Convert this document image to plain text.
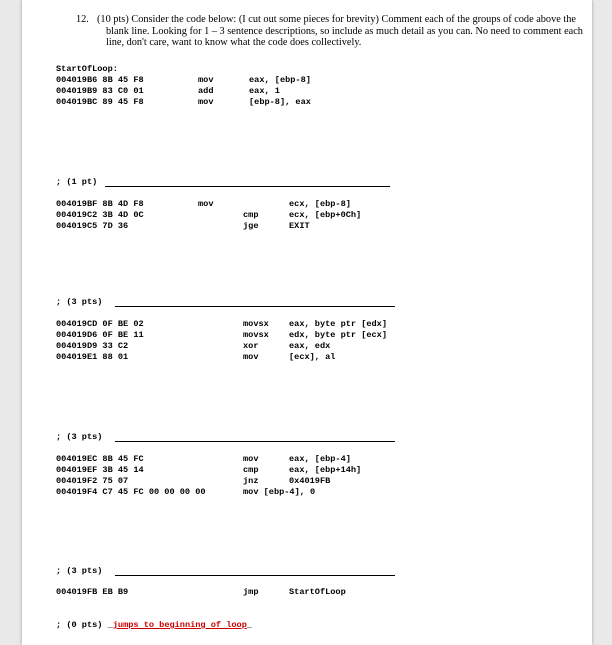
12. (10 pts) Consider the code below: (I cut out some pieces for brevity) Comment each of the groups of code above the blank line. Looking for 1 – 3 sentence descriptions, so include as much detail as you can. No need to comment each line, don't care, want to know what the code does collectively.
StartOfLoop:
004019B6 8B 45 F8	mov	eax, [ebp-8]
004019B9 83 C0 01	add	eax, 1
004019BC 89 45 F8	mov	[ebp-8], eax
; (1 pt)
004019BF 8B 4D F8	mov	ecx, [ebp-8]
004019C2 3B 4D 0C	cmp	ecx, [ebp+0Ch]
004019C5 7D 36	jge	EXIT
; (3 pts)
004019CD 0F BE 02	movsx eax, byte ptr [edx]
004019D6 0F BE 11	movsx edx, byte ptr [ecx]
004019D9 33 C2	xor	eax, edx
004019E1 88 01	mov	[ecx], al
; (3 pts)
004019EC 8B 45 FC	mov	eax, [ebp-4]
004019EF 3B 45 14	cmp	eax, [ebp+14h]
004019F2 75 07	jnz	0x4019FB
004019F4 C7 45 FC 00 00 00 00	mov [ebp-4], 0
; (3 pts)
004019FB EB B9	jmp	StartOfLoop
; (0 pts) _jumps to beginning of loop_
